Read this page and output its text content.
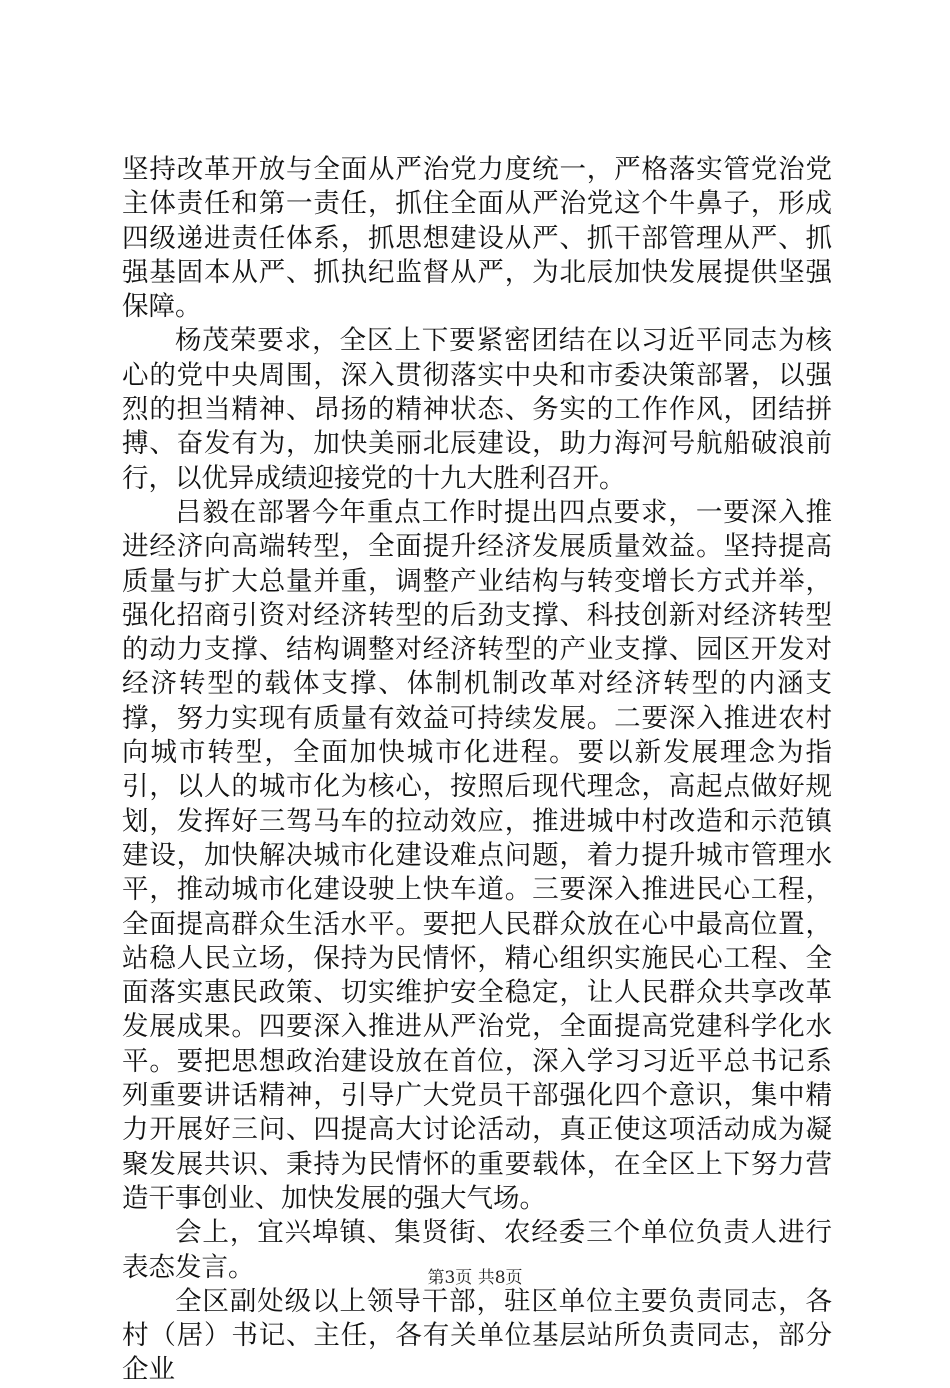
坚持改革开放与全面从严治党力度统一，严格落实管党治党主体责任和第一责任，抓住全面从严治党这个牛鼻子，形成四级递进责任体系，抓思想建设从严、抓干部管理从严、抓强基固本从严、抓执纪监督从严，为北辰加快发展提供坚强保障。

杨茂荣要求，全区上下要紧密团结在以习近平同志为核心的党中央周围，深入贯彻落实中央和市委决策部署，以强烈的担当精神、昂扬的精神状态、务实的工作作风，团结拼搏、奋发有为，加快美丽北辰建设，助力海河号航船破浪前行，以优异成绩迎接党的十九大胜利召开。

吕毅在部署今年重点工作时提出四点要求，一要深入推进经济向高端转型，全面提升经济发展质量效益。坚持提高质量与扩大总量并重，调整产业结构与转变增长方式并举，强化招商引资对经济转型的后劲支撑、科技创新对经济转型的动力支撑、结构调整对经济转型的产业支撑、园区开发对经济转型的载体支撑、体制机制改革对经济转型的内涵支撑，努力实现有质量有效益可持续发展。二要深入推进农村向城市转型，全面加快城市化进程。要以新发展理念为指引，以人的城市化为核心，按照后现代理念，高起点做好规划，发挥好三驾马车的拉动效应，推进城中村改造和示范镇建设，加快解决城市化建设难点问题，着力提升城市管理水平，推动城市化建设驶上快车道。三要深入推进民心工程，全面提高群众生活水平。要把人民群众放在心中最高位置，站稳人民立场，保持为民情怀，精心组织实施民心工程、全面落实惠民政策、切实维护安全稳定，让人民群众共享改革发展成果。四要深入推进从严治党，全面提高党建科学化水平。要把思想政治建设放在首位，深入学习习近平总书记系列重要讲话精神，引导广大党员干部强化四个意识，集中精力开展好三问、四提高大讨论活动，真正使这项活动成为凝聚发展共识、秉持为民情怀的重要载体，在全区上下努力营造干事创业、加快发展的强大气场。

会上，宜兴埠镇、集贤街、农经委三个单位负责人进行表态发言。

全区副处级以上领导干部，驻区单位主要负责同志，各村（居）书记、主任，各有关单位基层站所负责同志，部分企业

第3页 共8页
